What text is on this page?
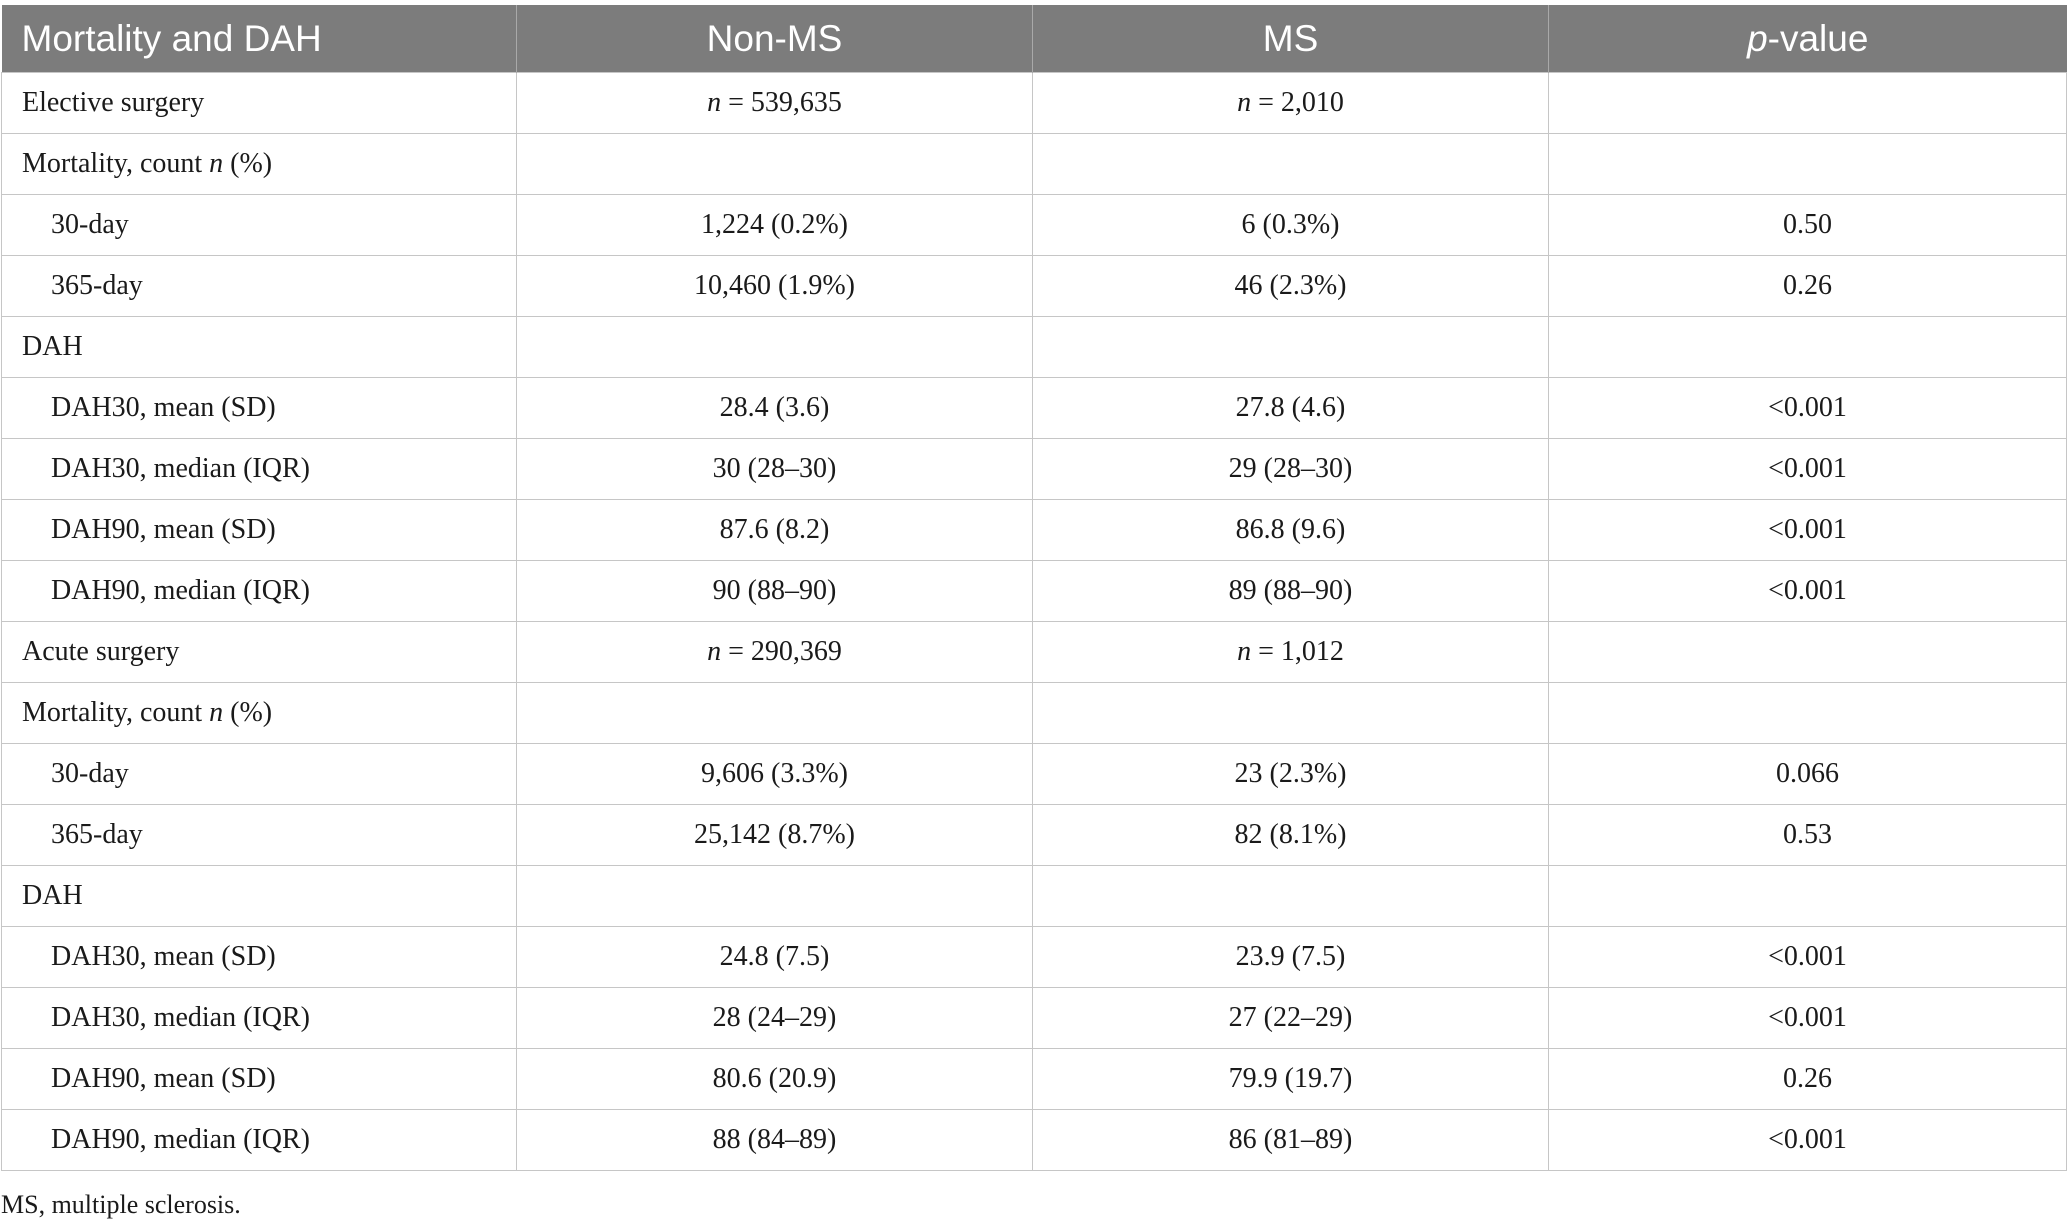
Mortality and DAH	Non-MS	MS	p-value
Elective surgery	n = 539,635	n = 2,010	
Mortality, count n (%)			
30-day	1,224 (0.2%)	6 (0.3%)	0.50
365-day	10,460 (1.9%)	46 (2.3%)	0.26
DAH			
DAH30, mean (SD)	28.4 (3.6)	27.8 (4.6)	<0.001
DAH30, median (IQR)	30 (28–30)	29 (28–30)	<0.001
DAH90, mean (SD)	87.6 (8.2)	86.8 (9.6)	<0.001
DAH90, median (IQR)	90 (88–90)	89 (88–90)	<0.001
Acute surgery	n = 290,369	n = 1,012	
Mortality, count n (%)			
30-day	9,606 (3.3%)	23 (2.3%)	0.066
365-day	25,142 (8.7%)	82 (8.1%)	0.53
DAH			
DAH30, mean (SD)	24.8 (7.5)	23.9 (7.5)	<0.001
DAH30, median (IQR)	28 (24–29)	27 (22–29)	<0.001
DAH90, mean (SD)	80.6 (20.9)	79.9 (19.7)	0.26
DAH90, median (IQR)	88 (84–89)	86 (81–89)	<0.001
MS, multiple sclerosis.
